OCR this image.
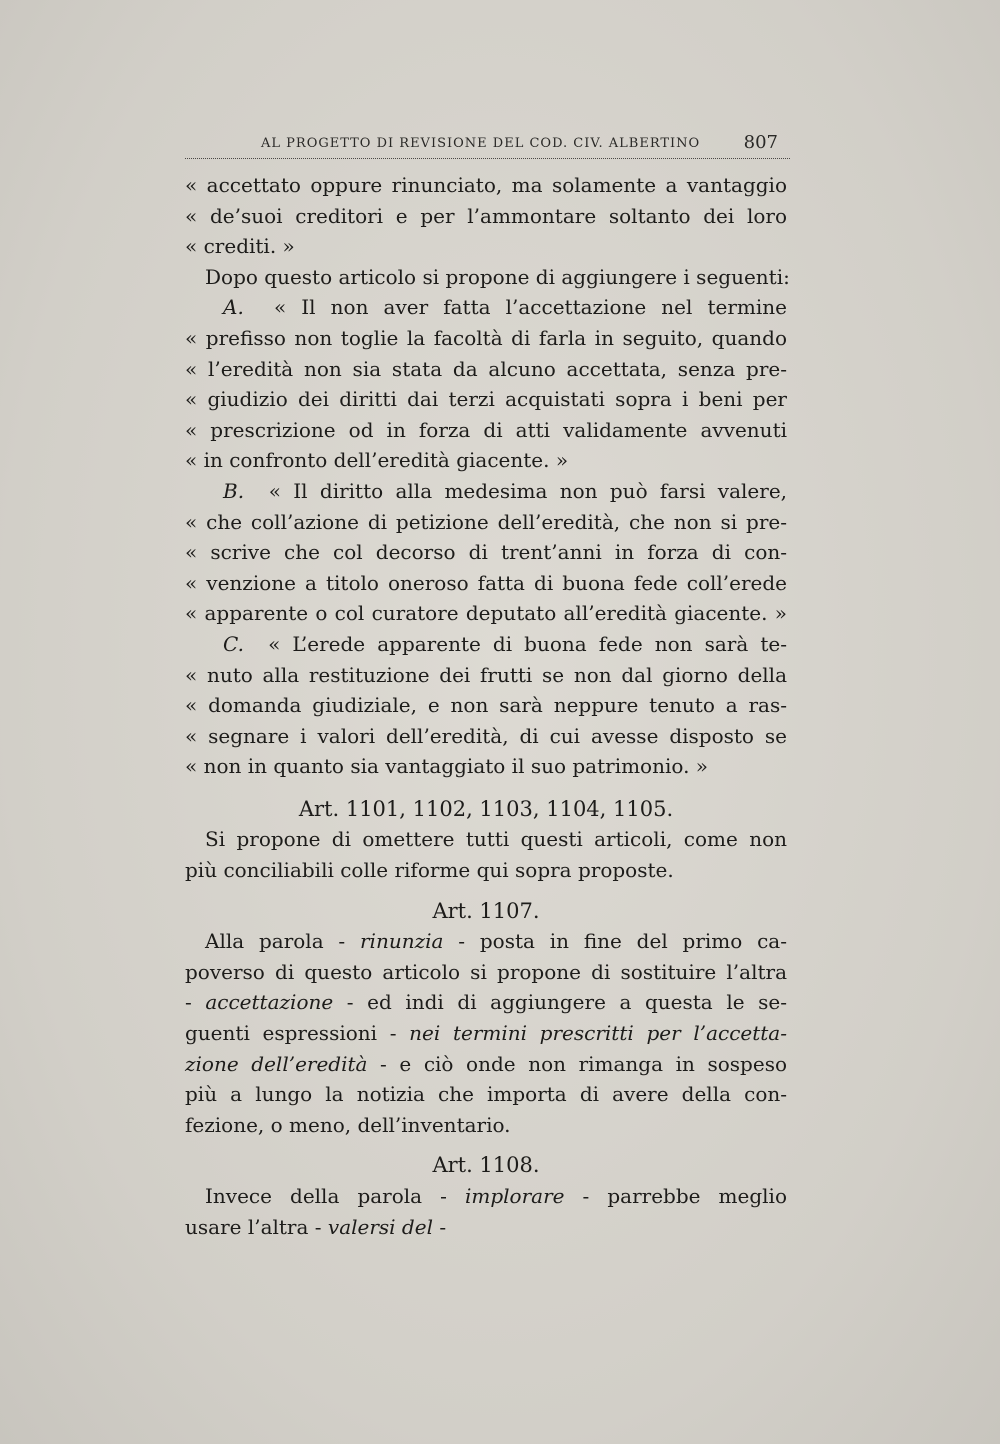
AL PROGETTO DI REVISIONE DEL COD. CIV. ALBERTINO 807
« accettato oppure rinunciato, ma solamente a vantaggio
« de’suoi creditori e per l’ammontare soltanto dei loro
« crediti. »
Dopo questo articolo si propone di aggiungere i seguenti:
A. « Il non aver fatta l’accettazione nel termine
« prefisso non toglie la facoltà di farla in seguito, quando
« l’eredità non sia stata da alcuno accettata, senza pre-
« giudizio dei diritti dai terzi acquistati sopra i beni per
« prescrizione od in forza di atti validamente avvenuti
« in confronto dell’eredità giacente. »
B. « Il diritto alla medesima non può farsi valere,
« che coll’azione di petizione dell’eredità, che non si pre-
« scrive che col decorso di trent’anni in forza di con-
« venzione a titolo oneroso fatta di buona fede coll’erede
« apparente o col curatore deputato all’eredità giacente. »
C. « L’erede apparente di buona fede non sarà te-
« nuto alla restituzione dei frutti se non dal giorno della
« domanda giudiziale, e non sarà neppure tenuto a ras-
« segnare i valori dell’eredità, di cui avesse disposto se
« non in quanto sia vantaggiato il suo patrimonio. »
Art. 1101, 1102, 1103, 1104, 1105.
Si propone di omettere tutti questi articoli, come non
più conciliabili colle riforme qui sopra proposte.
Art. 1107.
Alla parola - rinunzia - posta in fine del primo ca-
poverso di questo articolo si propone di sostituire l’altra
- accettazione - ed indi di aggiungere a questa le se-
guenti espressioni - nei termini prescritti per l’accetta-
zione dell’eredità - e ciò onde non rimanga in sospeso
più a lungo la notizia che importa di avere della con-
fezione, o meno, dell’inventario.
Art. 1108.
Invece della parola - implorare - parrebbe meglio
usare l’altra - valersi del -
